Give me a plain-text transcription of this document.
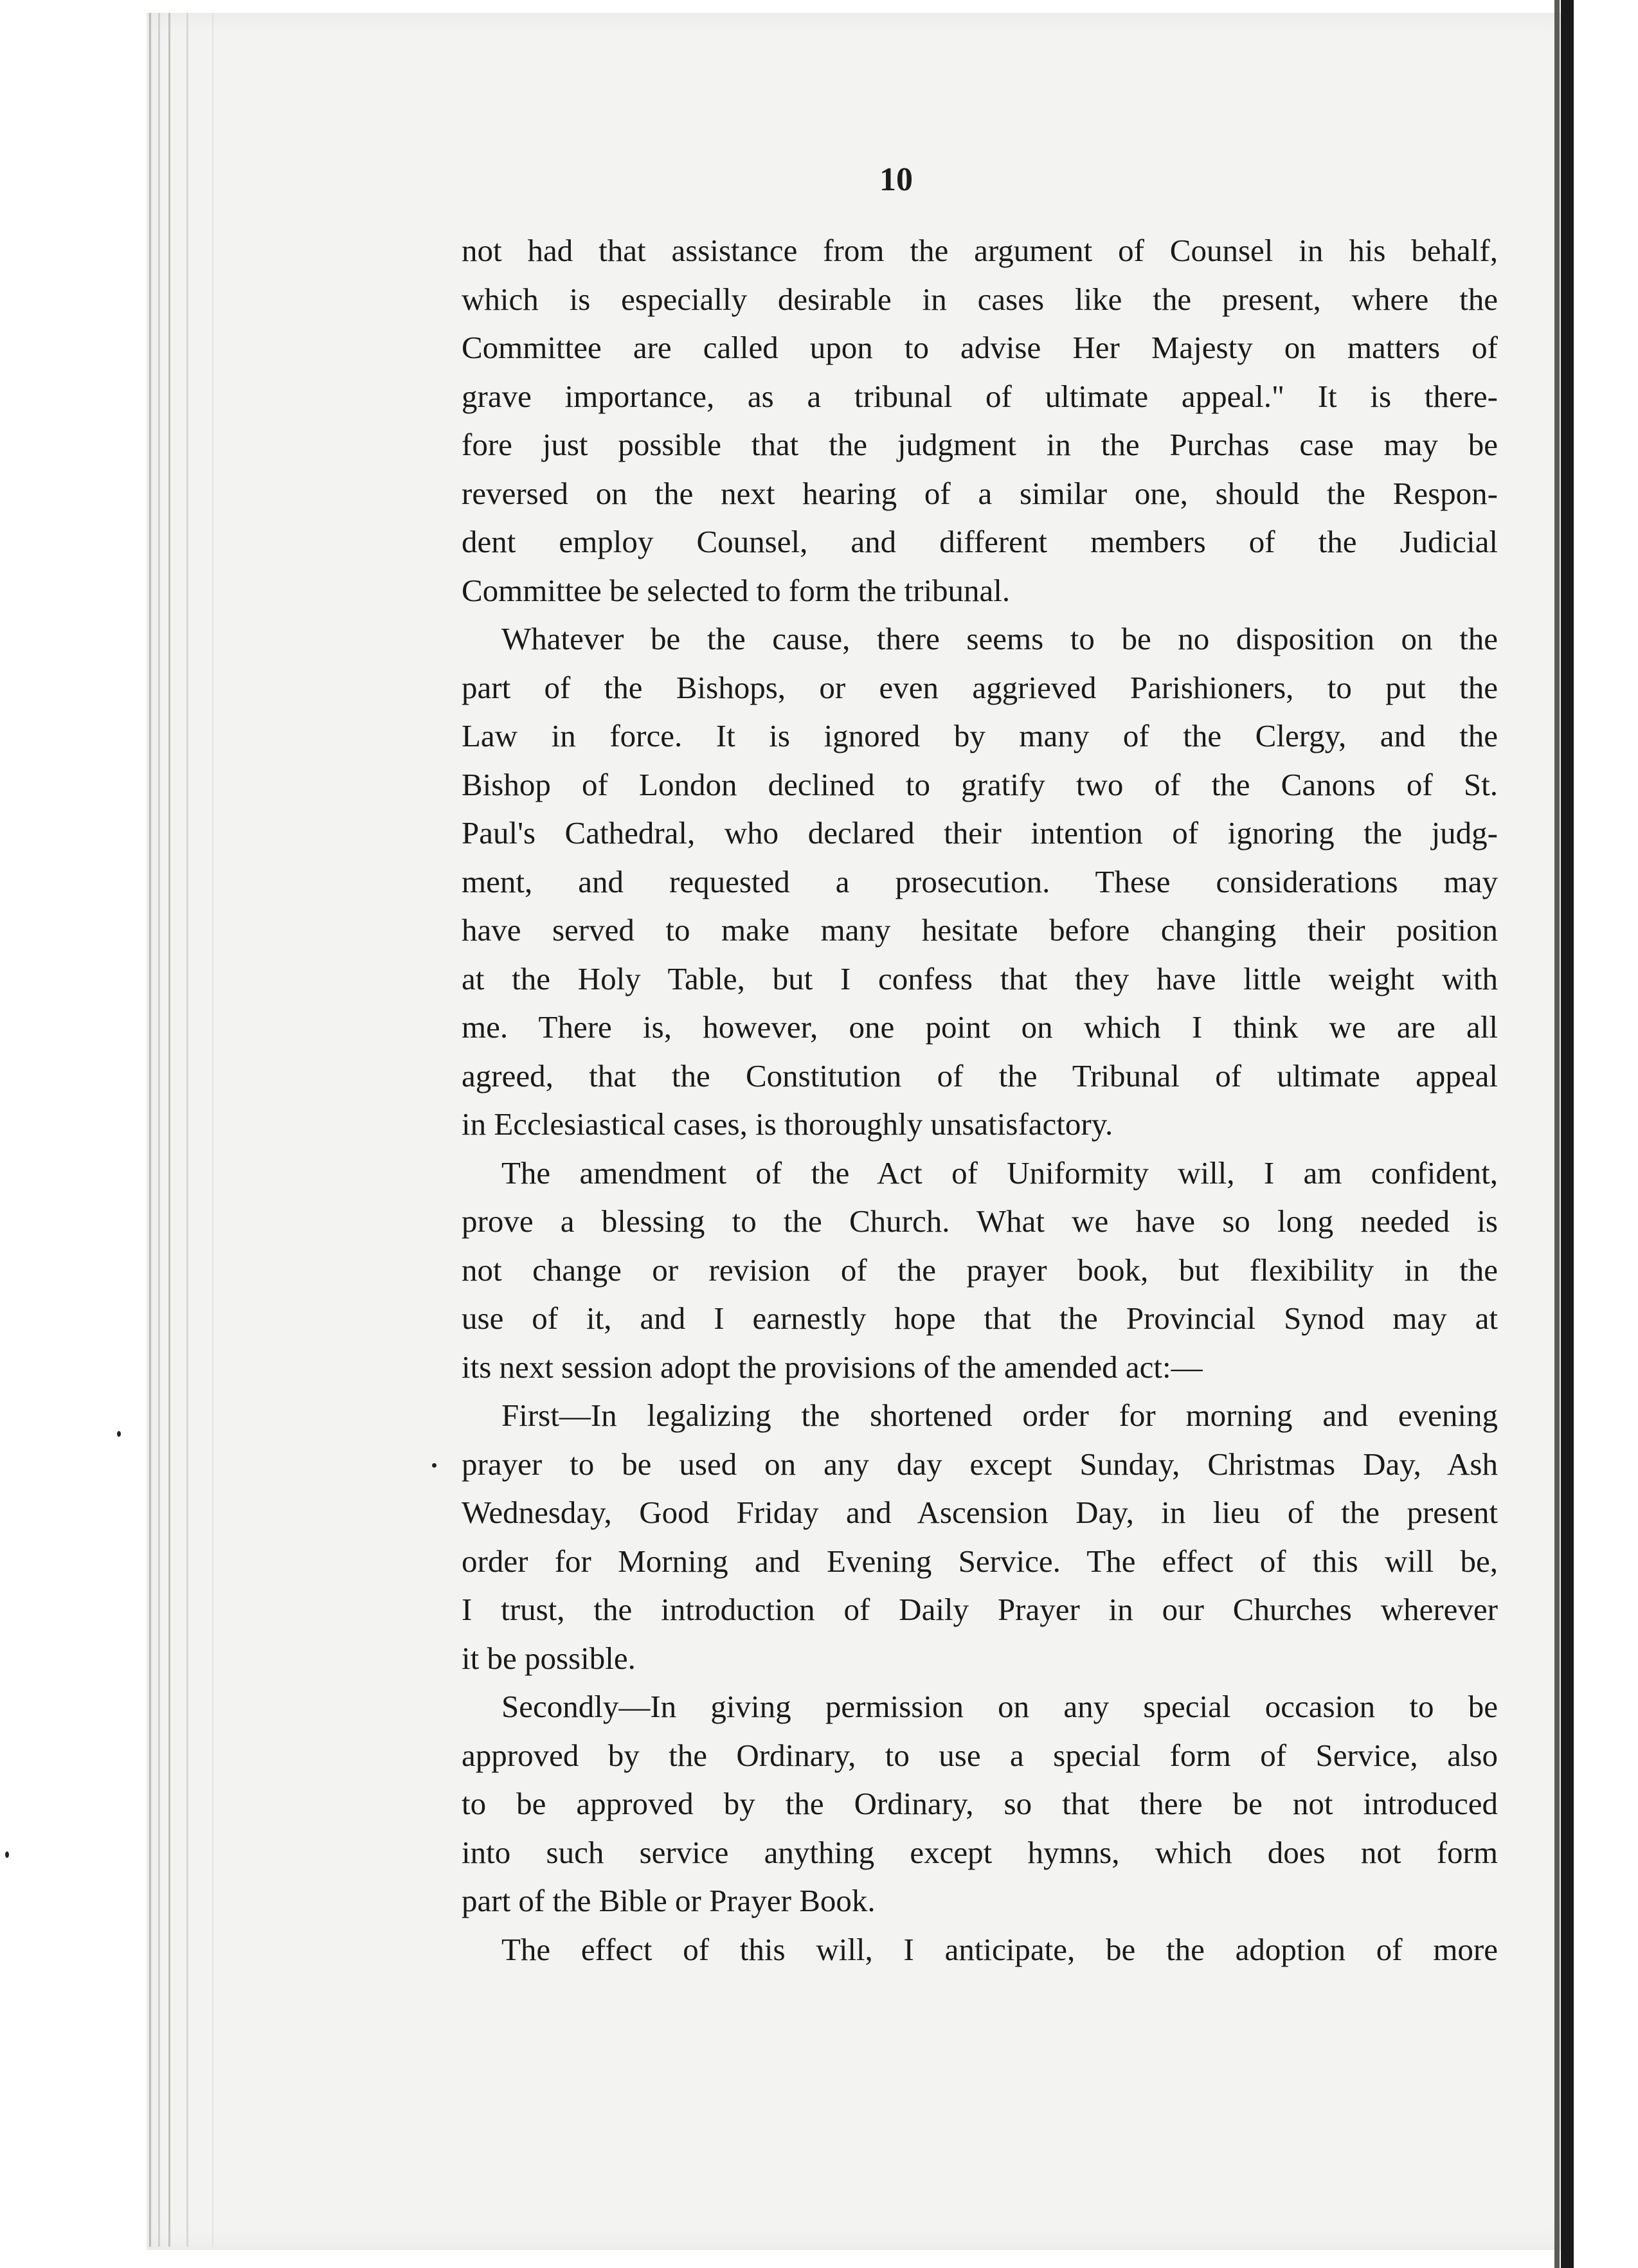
10
not had that assistance from the argument of Counsel in his behalf,
which is especially desirable in cases like the present, where the
Committee are called upon to advise Her Majesty on matters of
grave importance, as a tribunal of ultimate appeal." It is there-
fore just possible that the judgment in the Purchas case may be
reversed on the next hearing of a similar one, should the Respon-
dent employ Counsel, and different members of the Judicial
Committee be selected to form the tribunal.
Whatever be the cause, there seems to be no disposition on the
part of the Bishops, or even aggrieved Parishioners, to put the
Law in force. It is ignored by many of the Clergy, and the
Bishop of London declined to gratify two of the Canons of St.
Paul's Cathedral, who declared their intention of ignoring the judg-
ment, and requested a prosecution. These considerations may
have served to make many hesitate before changing their position
at the Holy Table, but I confess that they have little weight with
me. There is, however, one point on which I think we are all
agreed, that the Constitution of the Tribunal of ultimate appeal
in Ecclesiastical cases, is thoroughly unsatisfactory.
The amendment of the Act of Uniformity will, I am confident,
prove a blessing to the Church. What we have so long needed is
not change or revision of the prayer book, but flexibility in the
use of it, and I earnestly hope that the Provincial Synod may at
its next session adopt the provisions of the amended act:—
First—In legalizing the shortened order for morning and evening
prayer to be used on any day except Sunday, Christmas Day, Ash
Wednesday, Good Friday and Ascension Day, in lieu of the present
order for Morning and Evening Service. The effect of this will be,
I trust, the introduction of Daily Prayer in our Churches wherever
it be possible.
Secondly—In giving permission on any special occasion to be
approved by the Ordinary, to use a special form of Service, also
to be approved by the Ordinary, so that there be not introduced
into such service anything except hymns, which does not form
part of the Bible or Prayer Book.
The effect of this will, I anticipate, be the adoption of more
